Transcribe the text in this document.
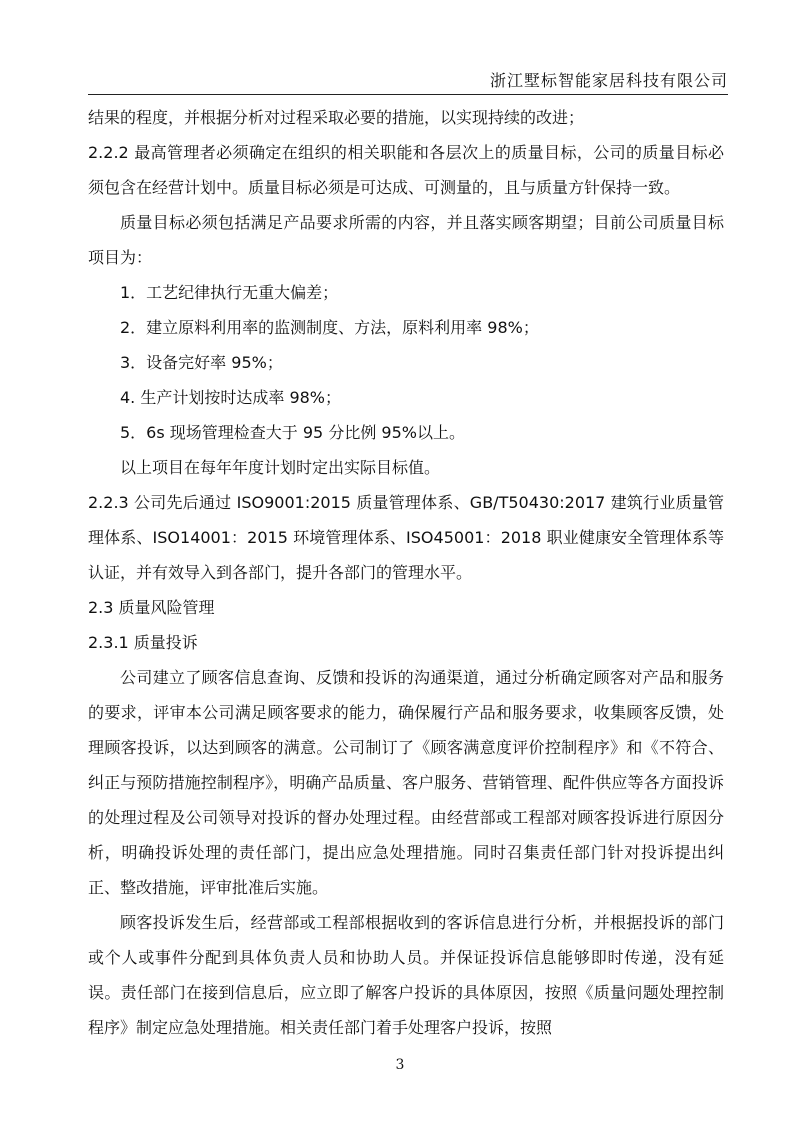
浙江墅标智能家居科技有限公司

结果的程度，并根据分析对过程采取必要的措施，以实现持续的改进；

2.2.2 最高管理者必须确定在组织的相关职能和各层次上的质量目标，公司的质量目标必须包含在经营计划中。质量目标必须是可达成、可测量的，且与质量方针保持一致。

质量目标必须包括满足产品要求所需的内容，并且落实顾客期望；目前公司质量目标项目为：

1．工艺纪律执行无重大偏差；

2．建立原料利用率的监测制度、方法，原料利用率 98%；

3．设备完好率 95%；

4. 生产计划按时达成率 98%；

5．6s 现场管理检查大于 95 分比例 95%以上。

以上项目在每年年度计划时定出实际目标值。

2.2.3 公司先后通过 ISO9001:2015 质量管理体系、GB/T50430:2017 建筑行业质量管理体系、ISO14001：2015 环境管理体系、ISO45001：2018 职业健康安全管理体系等认证，并有效导入到各部门，提升各部门的管理水平。

2.3 质量风险管理

2.3.1 质量投诉

公司建立了顾客信息查询、反馈和投诉的沟通渠道，通过分析确定顾客对产品和服务的要求，评审本公司满足顾客要求的能力，确保履行产品和服务要求，收集顾客反馈，处理顾客投诉，以达到顾客的满意。公司制订了《顾客满意度评价控制程序》和《不符合、纠正与预防措施控制程序》，明确产品质量、客户服务、营销管理、配件供应等各方面投诉的处理过程及公司领导对投诉的督办处理过程。由经营部或工程部对顾客投诉进行原因分析，明确投诉处理的责任部门，提出应急处理措施。同时召集责任部门针对投诉提出纠正、整改措施，评审批准后实施。

顾客投诉发生后，经营部或工程部根据收到的客诉信息进行分析，并根据投诉的部门或个人或事件分配到具体负责人员和协助人员。并保证投诉信息能够即时传递，没有延误。责任部门在接到信息后，应立即了解客户投诉的具体原因，按照《质量问题处理控制程序》制定应急处理措施。相关责任部门着手处理客户投诉，按照

3
